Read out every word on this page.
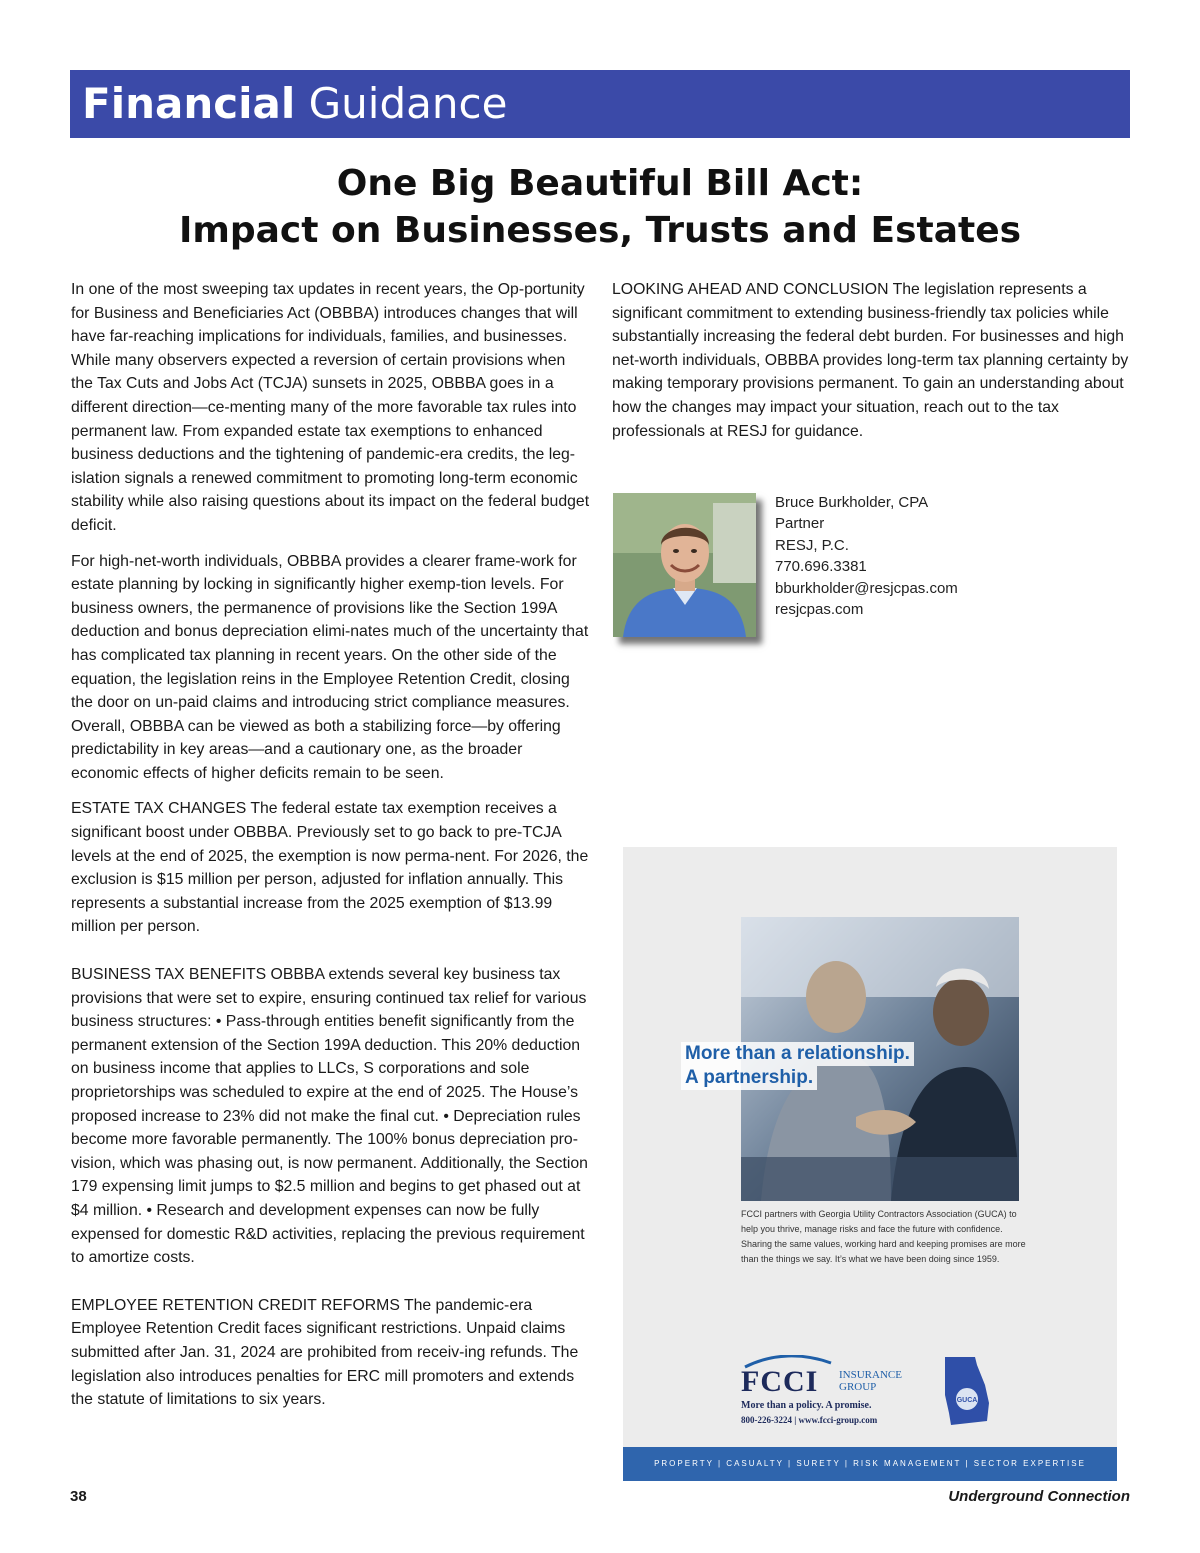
Financial Guidance
One Big Beautiful Bill Act:
Impact on Businesses, Trusts and Estates

In one of the most sweeping tax updates in recent years, the Op-portunity for Business and Beneficiaries Act (OBBBA) introduces changes that will have far-reaching implications for individuals, families, and businesses. While many observers expected a reversion of certain provisions when the Tax Cuts and Jobs Act (TCJA) sunsets in 2025, OBBBA goes in a different direction—ce-menting many of the more favorable tax rules into permanent law. From expanded estate tax exemptions to enhanced business deductions and the tightening of pandemic-era credits, the leg-islation signals a renewed commitment to promoting long-term economic stability while also raising questions about its impact on the federal budget deficit.

For high-net-worth individuals, OBBBA provides a clearer frame-work for estate planning by locking in significantly higher exemp-tion levels. For business owners, the permanence of provisions like the Section 199A deduction and bonus depreciation elimi-nates much of the uncertainty that has complicated tax planning in recent years. On the other side of the equation, the legislation reins in the Employee Retention Credit, closing the door on un-paid claims and introducing strict compliance measures. Overall, OBBBA can be viewed as both a stabilizing force—by offering predictability in key areas—and a cautionary one, as the broader economic effects of higher deficits remain to be seen.

ESTATE TAX CHANGES The federal estate tax exemption receives a significant boost under OBBBA. Previously set to go back to pre-TCJA levels at the end of 2025, the exemption is now perma-nent. For 2026, the exclusion is $15 million per person, adjusted for inflation annually. This represents a substantial increase from the 2025 exemption of $13.99 million per person.

BUSINESS TAX BENEFITS OBBBA extends several key business tax provisions that were set to expire, ensuring continued tax relief for various business structures: • Pass-through entities benefit significantly from the permanent extension of the Section 199A deduction. This 20% deduction on business income that applies to LLCs, S corporations and sole proprietorships was scheduled to expire at the end of 2025. The House’s proposed increase to 23% did not make the final cut. • Depreciation rules become more favorable permanently. The 100% bonus depreciation pro-vision, which was phasing out, is now permanent. Additionally, the Section 179 expensing limit jumps to $2.5 million and begins to get phased out at $4 million. • Research and development expenses can now be fully expensed for domestic R&D activities, replacing the previous requirement to amortize costs.

EMPLOYEE RETENTION CREDIT REFORMS The pandemic-era Employee Retention Credit faces significant restrictions. Unpaid claims submitted after Jan. 31, 2024 are prohibited from receiv-ing refunds. The legislation also introduces penalties for ERC mill promoters and extends the statute of limitations to six years.

LOOKING AHEAD AND CONCLUSION The legislation represents a significant commitment to extending business-friendly tax policies while substantially increasing the federal debt burden. For businesses and high net-worth individuals, OBBBA provides long-term tax planning certainty by making temporary provisions permanent. To gain an understanding about how the changes may impact your situation, reach out to the tax professionals at RESJ for guidance.

Bruce Burkholder, CPA
Partner
RESJ, P.C.
770.696.3381
bburkholder@resjcpas.com
resjcpas.com
More than a relationship.
A partnership.
FCCI partners with Georgia Utility Contractors Association (GUCA) to help you thrive, manage risks and face the future with confidence. Sharing the same values, working hard and keeping promises are more than the things we say. It’s what we have been doing since 1959.
FCCI INSURANCE
GROUP
More than a policy. A promise.
800-226-3224 | www.fcci-group.com
GUCA
PROPERTY | CASUALTY | SURETY | RISK MANAGEMENT | SECTOR EXPERTISE
38	Underground Connection
